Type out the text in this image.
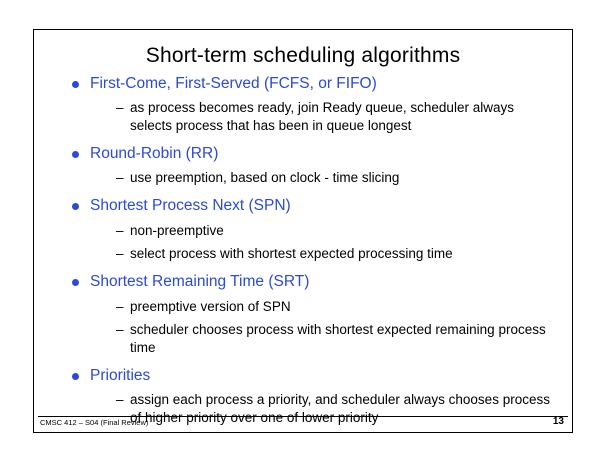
Short-term scheduling algorithms
First-Come, First-Served (FCFS, or FIFO)
– as process becomes ready, join Ready queue, scheduler always selects process that has been in queue longest
Round-Robin (RR)
– use preemption, based on clock - time slicing
Shortest Process Next (SPN)
– non-preemptive
– select process with shortest expected processing time
Shortest Remaining Time (SRT)
– preemptive version of SPN
– scheduler chooses process with shortest expected remaining process time
Priorities
– assign each process a priority, and scheduler always chooses process of higher priority over one of lower priority
CMSC 412 – S04 (Final Review)	13
